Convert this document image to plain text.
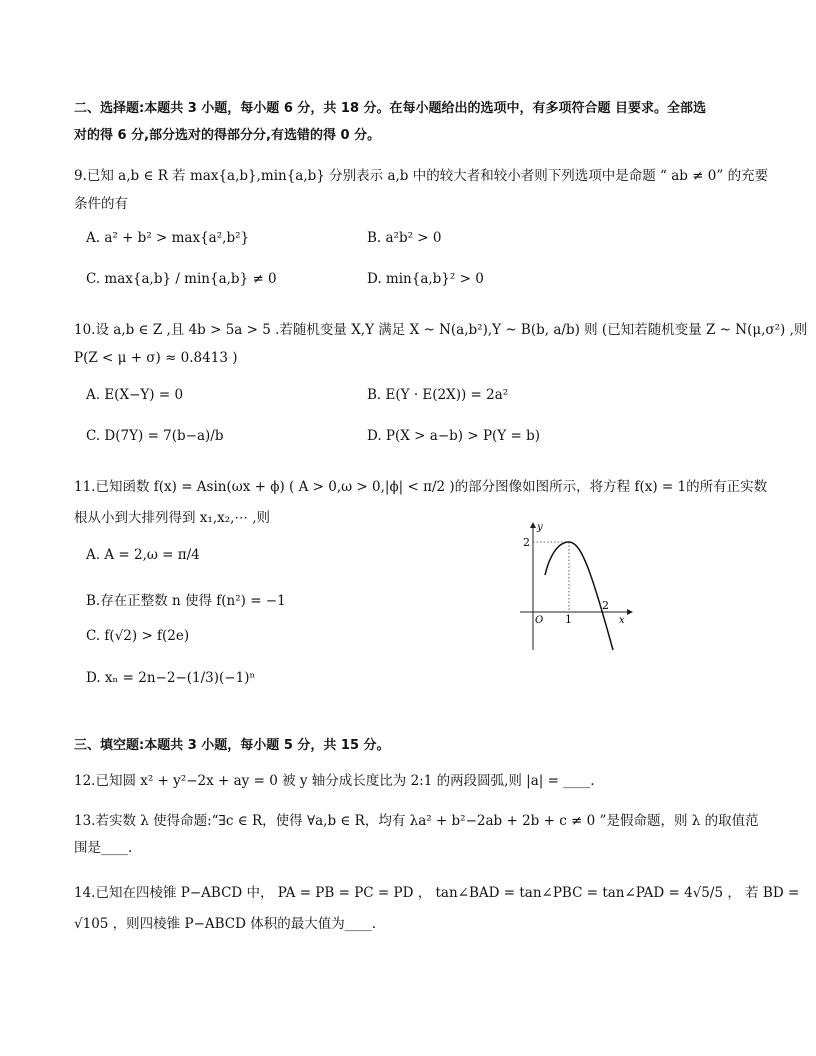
二、选择题:本题共 3 小题，每小题 6 分，共 18 分。在每小题给出的选项中，有多项符合题 目要求。全部选
对的得 6 分,部分选对的得部分分,有选错的得 0 分。
9.已知 a,b ∈ R 若 max{a,b},min{a,b} 分别表示 a,b 中的较大者和较小者则下列选项中是命题 “ ab ≠ 0” 的充要
条件的有
A. a² + b² > max{a²,b²}	B. a²b² > 0
C. max{a,b} / min{a,b} ≠ 0	D. min{a,b}² > 0
10.设 a,b ∈ Z ,且 4b > 5a > 5 .若随机变量 X,Y 满足 X ~ N(a,b²),Y ~ B(b, a/b) 则 (已知若随机变量 Z ~ N(μ,σ²) ,则
P(Z < μ + σ) ≈ 0.8413 )
A. E(X−Y) = 0	B. E(Y · E(2X)) = 2a²
C. D(7Y) = 7(b−a)/b	D. P(X > a−b) > P(Y = b)
11.已知函数 f(x) = Asin(ωx + ϕ) ( A > 0,ω > 0,|ϕ| < π/2 )的部分图像如图所示，将方程 f(x) = 1的所有正实数
根从小到大排列得到 x₁,x₂,⋯ ,则
A. A = 2,ω = π/4
B.存在正整数 n 使得 f(n²) = −1
C. f(√2) > f(2e)
D. xₙ = 2n−2−(1/3)(−1)ⁿ
y
x
O
2
1
2
三、填空题:本题共 3 小题，每小题 5 分，共 15 分。
12.已知圆 x² + y²−2x + ay = 0 被 y 轴分成长度比为 2:1 的两段圆弧,则 |a| = ____.
13.若实数 λ 使得命题:“∃c ∈ R，使得 ∀a,b ∈ R，均有 λa² + b²−2ab + 2b + c ≠ 0 ”是假命题，则 λ 的取值范
围是____.
14.已知在四棱锥 P−ABCD 中， PA = PB = PC = PD ， tan∠BAD = tan∠PBC = tan∠PAD = 4√5/5 ， 若 BD =
√105 ，则四棱锥 P−ABCD 体积的最大值为____.
